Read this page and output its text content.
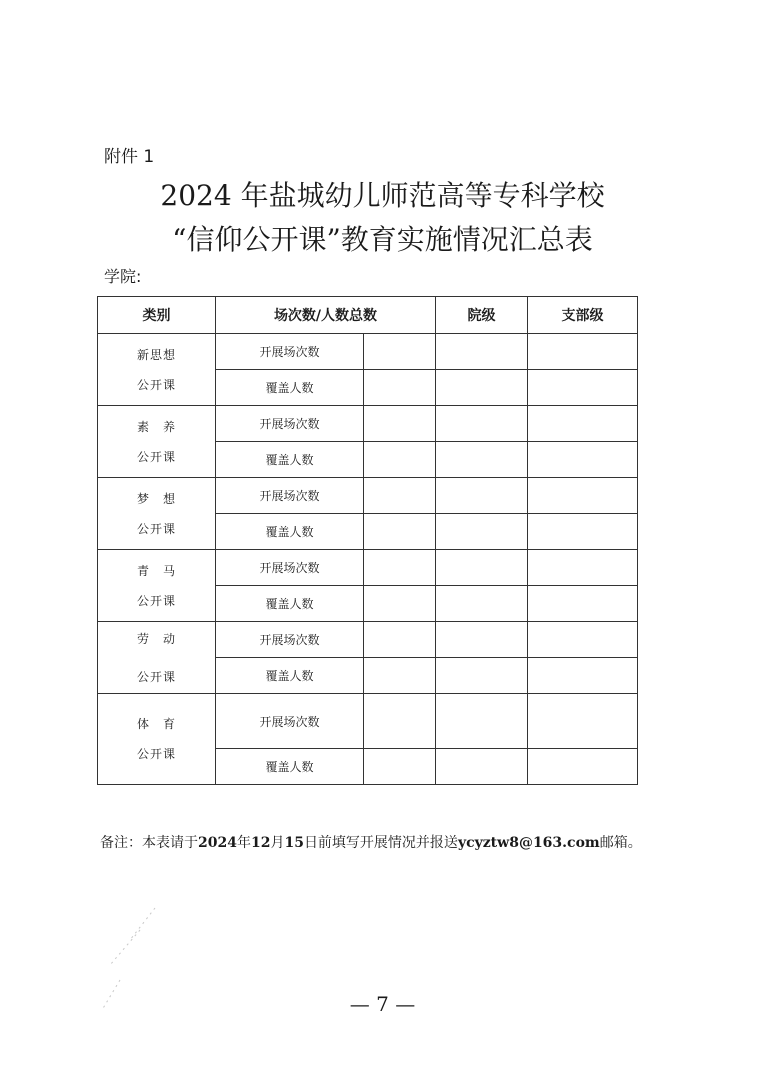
附件 1
2024 年盐城幼儿师范高等专科学校
“信仰公开课”教育实施情况汇总表
学院:
类别	场次数/人数总数		院级	支部级

新思想
公开课	开展场次数			
	覆盖人数			

素　养
公开课	开展场次数			
	覆盖人数			

梦　想
公开课	开展场次数			
	覆盖人数			

青　马
公开课	开展场次数			
	覆盖人数			

劳　动
公开课	开展场次数			
	覆盖人数			

体　育
公开课	开展场次数			
	覆盖人数			
备注：本表请于2024年12月15日前填写开展情况并报送ycyztw8@163.com邮箱。
— 7 —
